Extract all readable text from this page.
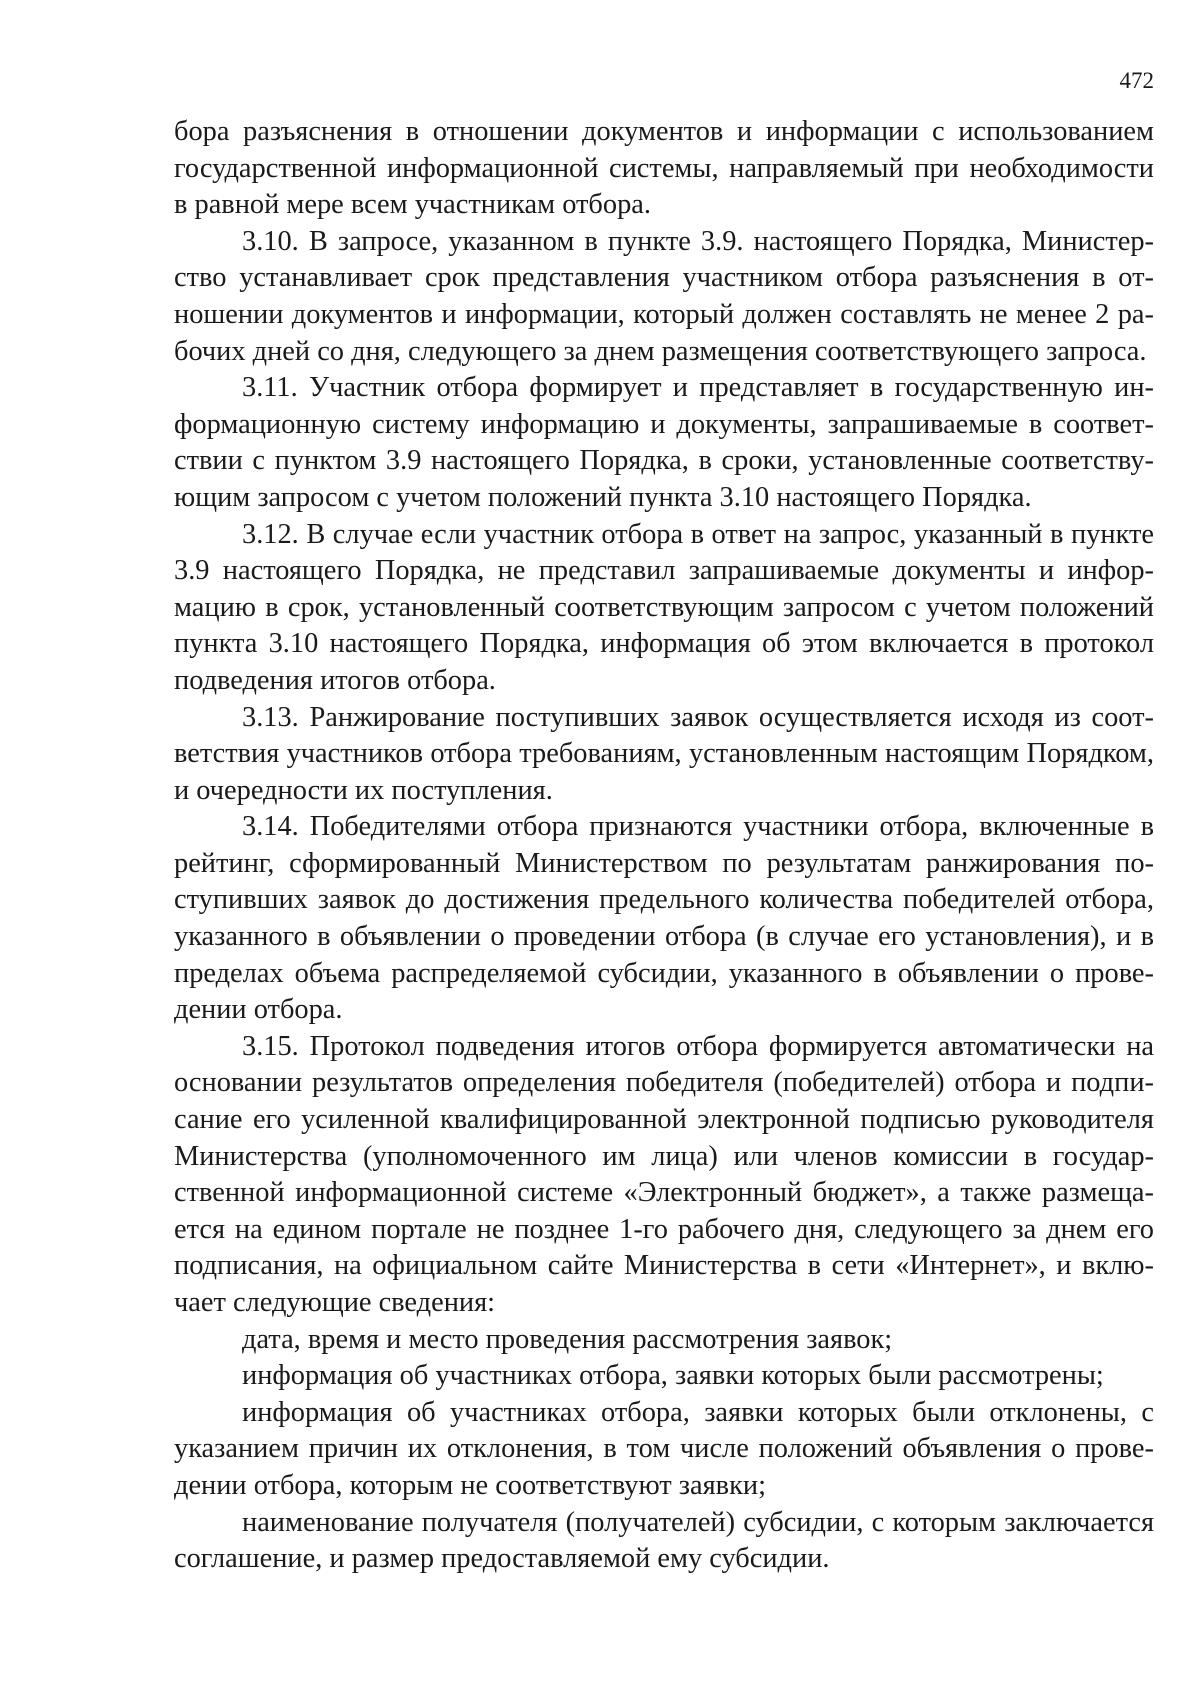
472

бора разъяснения в отношении документов и информации с использованием государственной информационной системы, направляемый при необходимости в равной мере всем участникам отбора.

3.10. В запросе, указанном в пункте 3.9. настоящего Порядка, Министерство устанавливает срок представления участником отбора разъяснения в отношении документов и информации, который должен составлять не менее 2 рабочих дней со дня, следующего за днем размещения соответствующего запроса.

3.11. Участник отбора формирует и представляет в государственную информационную систему информацию и документы, запрашиваемые в соответствии с пунктом 3.9 настоящего Порядка, в сроки, установленные соответствующим запросом с учетом положений пункта 3.10 настоящего Порядка.

3.12. В случае если участник отбора в ответ на запрос, указанный в пункте 3.9 настоящего Порядка, не представил запрашиваемые документы и информацию в срок, установленный соответствующим запросом с учетом положений пункта 3.10 настоящего Порядка, информация об этом включается в протокол подведения итогов отбора.

3.13. Ранжирование поступивших заявок осуществляется исходя из соответствия участников отбора требованиям, установленным настоящим Порядком, и очередности их поступления.

3.14. Победителями отбора признаются участники отбора, включенные в рейтинг, сформированный Министерством по результатам ранжирования поступивших заявок до достижения предельного количества победителей отбора, указанного в объявлении о проведении отбора (в случае его установления), и в пределах объема распределяемой субсидии, указанного в объявлении о проведении отбора.

3.15. Протокол подведения итогов отбора формируется автоматически на основании результатов определения победителя (победителей) отбора и подписание его усиленной квалифицированной электронной подписью руководителя Министерства (уполномоченного им лица) или членов комиссии в государственной информационной системе «Электронный бюджет», а также размещается на едином портале не позднее 1-го рабочего дня, следующего за днем его подписания, на официальном сайте Министерства в сети «Интернет», и включает следующие сведения:

дата, время и место проведения рассмотрения заявок;

информация об участниках отбора, заявки которых были рассмотрены;

информация об участниках отбора, заявки которых были отклонены, с указанием причин их отклонения, в том числе положений объявления о проведении отбора, которым не соответствуют заявки;

наименование получателя (получателей) субсидии, с которым заключается соглашение, и размер предоставляемой ему субсидии.
